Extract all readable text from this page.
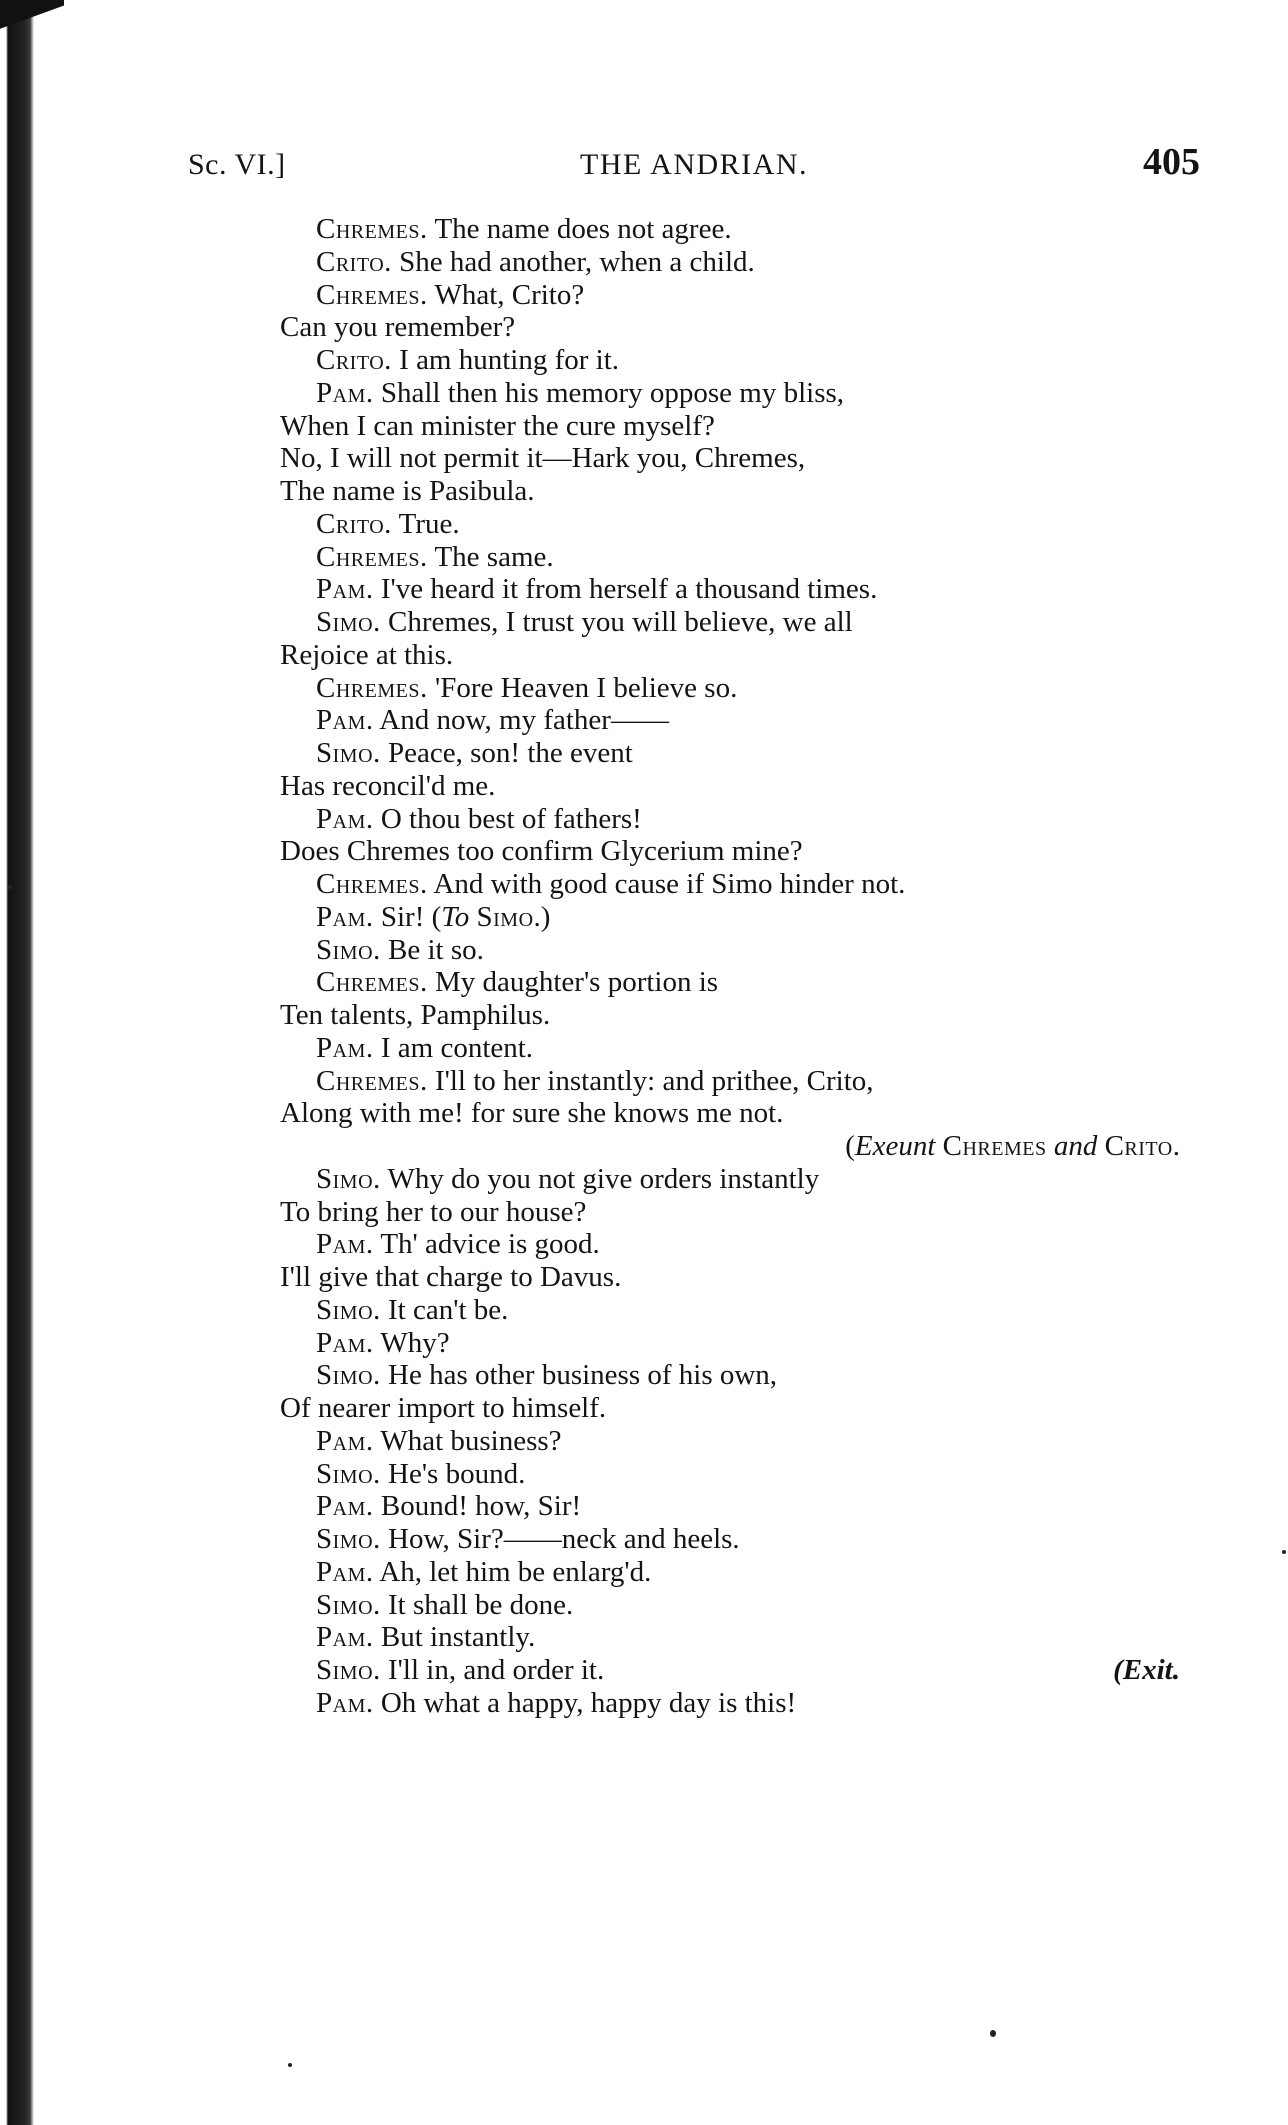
Sc. VI.]	THE ANDRIAN.	405
Chremes. The name does not agree.
Crito. She had another, when a child.
Chremes. What, Crito?
Can you remember?
Crito. I am hunting for it.
Pam. Shall then his memory oppose my bliss,
When I can minister the cure myself?
No, I will not permit it—Hark you, Chremes,
The name is Pasibula.
Crito. True.
Chremes. The same.
Pam. I've heard it from herself a thousand times.
Simo. Chremes, I trust you will believe, we all
Rejoice at this.
Chremes. 'Fore Heaven I believe so.
Pam. And now, my father——
Simo. Peace, son! the event
Has reconcil'd me.
Pam. O thou best of fathers!
Does Chremes too confirm Glycerium mine?
Chremes. And with good cause if Simo hinder not.
Pam. Sir! (To Simo.)
Simo. Be it so.
Chremes. My daughter's portion is
Ten talents, Pamphilus.
Pam. I am content.
Chremes. I'll to her instantly: and prithee, Crito,
Along with me! for sure she knows me not.
(Exeunt Chremes and Crito.
Simo. Why do you not give orders instantly
To bring her to our house?
Pam. Th' advice is good.
I'll give that charge to Davus.
Simo. It can't be.
Pam. Why?
Simo. He has other business of his own,
Of nearer import to himself.
Pam. What business?
Simo. He's bound.
Pam. Bound! how, Sir!
Simo. How, Sir?——neck and heels.
Pam. Ah, let him be enlarg'd.
Simo. It shall be done.
Pam. But instantly.
Simo. I'll in, and order it.	(Exit.
Pam. Oh what a happy, happy day is this!
